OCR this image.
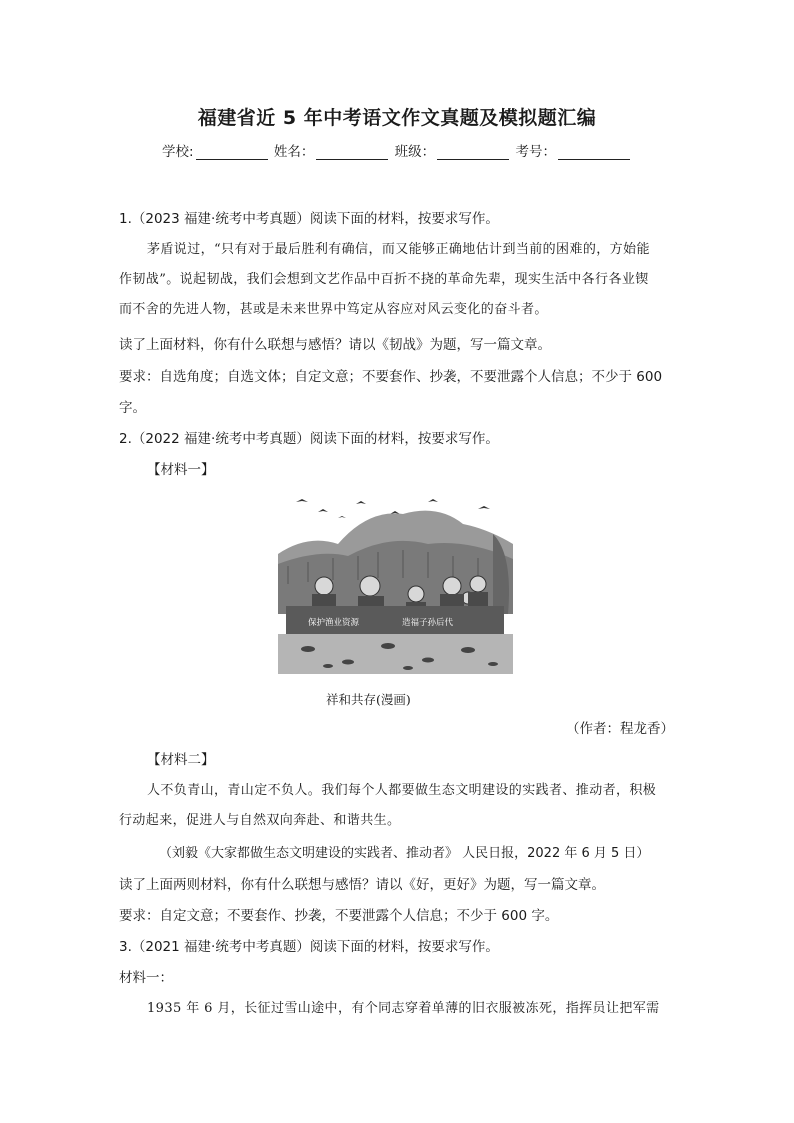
福建省近 5 年中考语文作文真题及模拟题汇编
学校:	姓名：	班级：	考号：
1.（2023 福建·统考中考真题）阅读下面的材料，按要求写作。
茅盾说过，“只有对于最后胜利有确信，而又能够正确地估计到当前的困难的，方始能
作韧战”。说起韧战，我们会想到文艺作品中百折不挠的革命先辈，现实生活中各行各业锲
而不舍的先进人物，甚或是未来世界中笃定从容应对风云变化的奋斗者。
读了上面材料，你有什么联想与感悟？请以《韧战》为题，写一篇文章。
要求：自选角度；自选文体；自定文意；不要套作、抄袭，不要泄露个人信息；不少于 600
字。
2.（2022 福建·统考中考真题）阅读下面的材料，按要求写作。
【材料一】
保护渔业资源	造福子孙后代
祥和共存(漫画)
（作者：程龙香）
【材料二】
人不负青山，青山定不负人。我们每个人都要做生态文明建设的实践者、推动者，积极
行动起来，促进人与自然双向奔赴、和谐共生。
（刘毅《大家都做生态文明建设的实践者、推动者》 人民日报，2022 年 6 月 5 日）
读了上面两则材料，你有什么联想与感悟？请以《好，更好》为题，写一篇文章。
要求：自定文意；不要套作、抄袭，不要泄露个人信息；不少于 600 字。
3.（2021 福建·统考中考真题）阅读下面的材料，按要求写作。
材料一：
1935 年 6 月，长征过雪山途中，有个同志穿着单薄的旧衣服被冻死，指挥员让把军需
